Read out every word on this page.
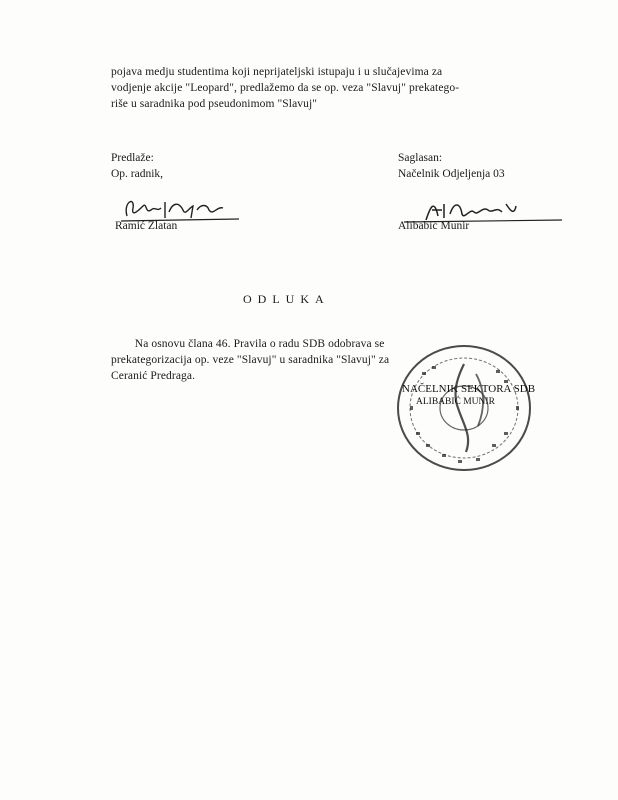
pojava medju studentima koji neprijateljski istupaju i u slučajevima za
vodjenje akcije "Leopard", predlažemo da se op. veza "Slavuj" prekatego-
riše u saradnika pod pseudonimom "Slavuj"
Predlaže:
Op. radnik,
Ramić Zlatan
Saglasan:
Načelnik Odjeljenja 03
Alibabić Munir
ODLUKA
Na osnovu člana 46. Pravila o radu SDB odobrava se
prekategorizacija op. veze "Slavuj" u saradnika "Slavuj" za
Ceranić Predraga.
NAČELNIK SEKTORA SDB
ALIBABIĆ MUNIR
